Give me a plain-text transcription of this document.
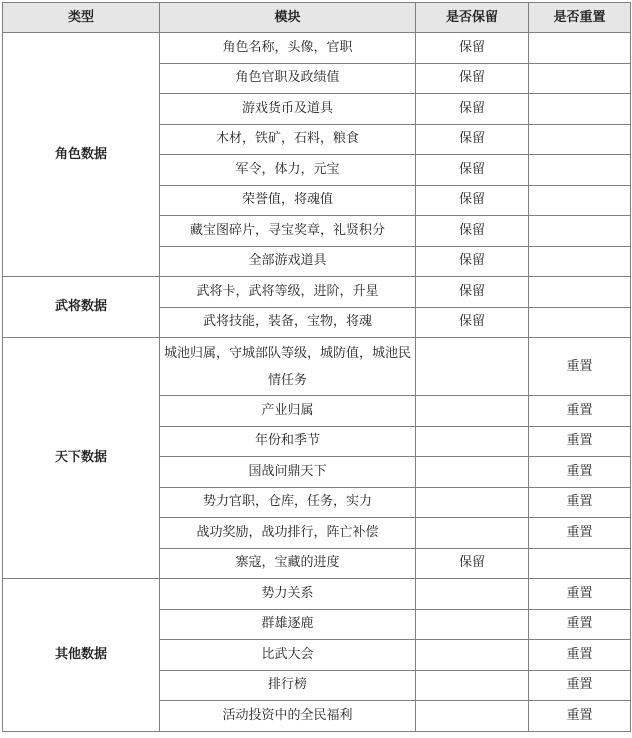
类型	模块	是否保留	是否重置
角色数据	角色名称，头像，官职	保留	
	角色官职及政绩值	保留	
	游戏货币及道具	保留	
	木材，铁矿，石料，粮食	保留	
	军令，体力，元宝	保留	
	荣誉值，将魂值	保留	
	藏宝图碎片，寻宝奖章，礼贤积分	保留	
	全部游戏道具	保留	
武将数据	武将卡，武将等级，进阶，升星	保留	
	武将技能，装备，宝物，将魂	保留	
天下数据	城池归属，守城部队等级，城防值，城池民情任务		重置
	产业归属		重置
	年份和季节		重置
	国战问鼎天下		重置
	势力官职，仓库，任务，实力		重置
	战功奖励，战功排行，阵亡补偿		重置
	寨寇，宝藏的进度	保留	
其他数据	势力关系		重置
	群雄逐鹿		重置
	比武大会		重置
	排行榜		重置
	活动投资中的全民福利		重置
